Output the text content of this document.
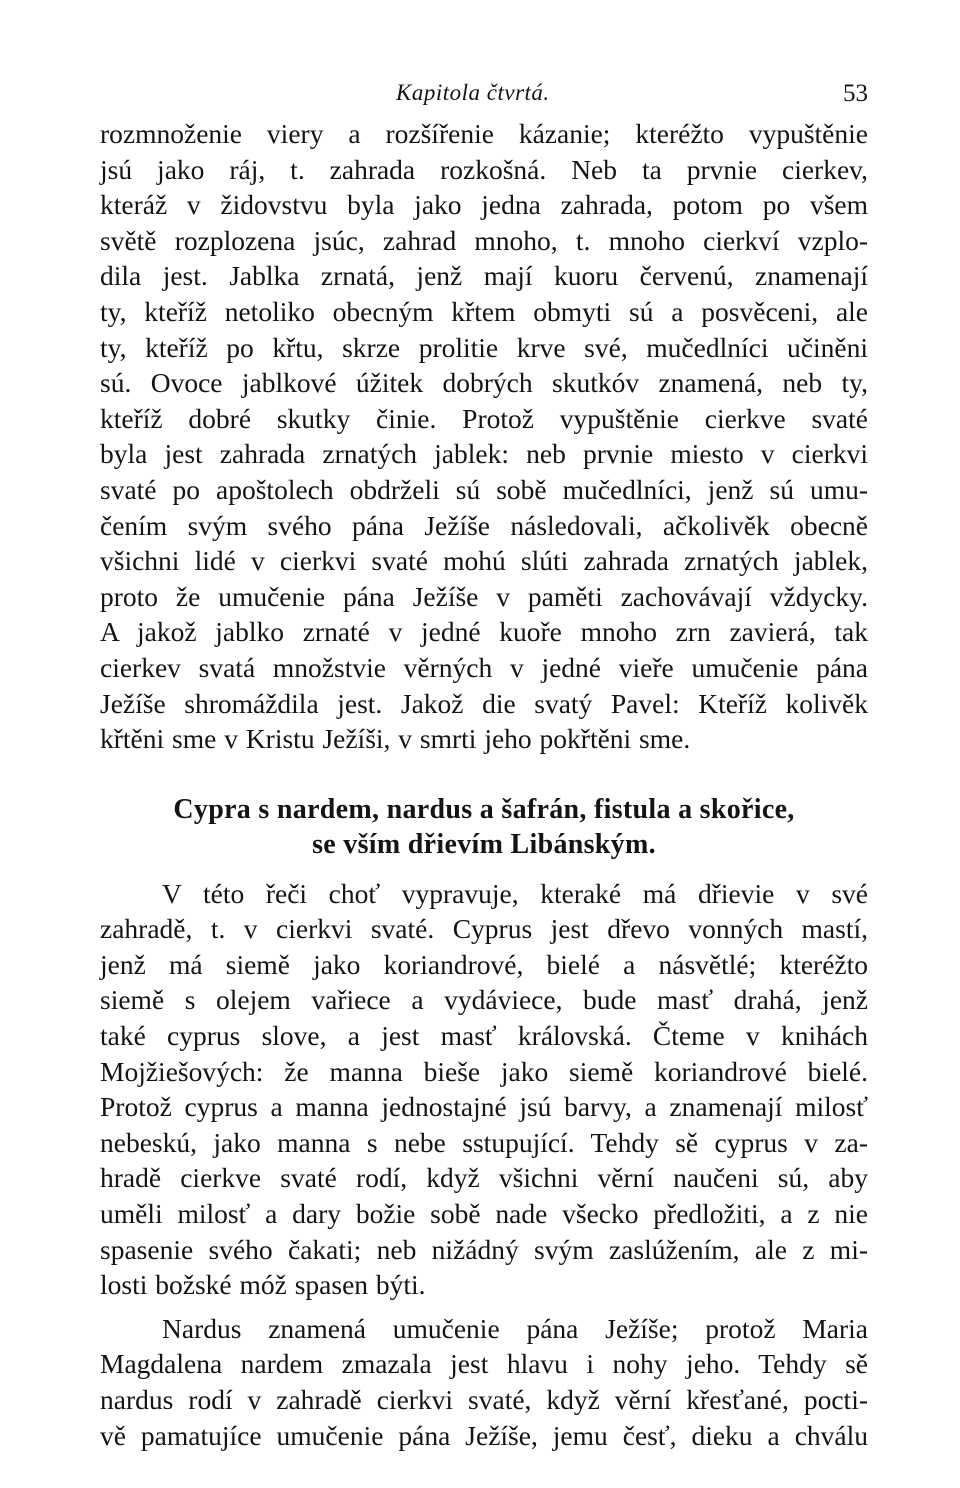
Kapitola čtvrtá.	53

rozmnoženie viery a rozšířenie kázanie; kteréžto vypuštěnie
jsú jako ráj, t. zahrada rozkošná. Neb ta prvnie cierkev,
kteráž v židovstvu byla jako jedna zahrada, potom po všem
světě rozplozena jsúc, zahrad mnoho, t. mnoho cierkví vzplo-
dila jest. Jablka zrnatá, jenž mají kuoru červenú, znamenají
ty, kteříž netoliko obecným křtem obmyti sú a posvěceni, ale
ty, kteříž po křtu, skrze prolitie krve své, mučedlníci učiněni
sú. Ovoce jablkové úžitek dobrých skutkóv znamená, neb ty,
kteříž dobré skutky činie. Protož vypuštěnie cierkve svaté
byla jest zahrada zrnatých jablek: neb prvnie miesto v cierkvi
svaté po apoštolech obdrželi sú sobě mučedlníci, jenž sú umu-
čením svým svého pána Ježíše následovali, ačkolivěk obecně
všichni lidé v cierkvi svaté mohú slúti zahrada zrnatých jablek,
proto že umučenie pána Ježíše v paměti zachovávají vždycky.
A jakož jablko zrnaté v jedné kuoře mnoho zrn zavierá, tak
cierkev svatá množstvie věrných v jedné vieře umučenie pána
Ježíše shromáždila jest. Jakož die svatý Pavel: Kteříž kolivěk
křtěni sme v Kristu Ježíši, v smrti jeho pokřtěni sme.

Cypra s nardem, nardus a šafrán, fistula a skořice,
se vším dřievím Libánským.

V této řeči choť vypravuje, kteraké má dřievie v své
zahradě, t. v cierkvi svaté. Cyprus jest dřevo vonných mastí,
jenž má siemě jako koriandrové, bielé a násvětlé; kteréžto
siemě s olejem vařiece a vydáviece, bude masť drahá, jenž
také cyprus slove, a jest masť královská. Čteme v knihách
Mojžiešových: že manna bieše jako siemě koriandrové bielé.
Protož cyprus a manna jednostajné jsú barvy, a znamenají milosť
nebeskú, jako manna s nebe sstupující. Tehdy sě cyprus v za-
hradě cierkve svaté rodí, když všichni věrní naučeni sú, aby
uměli milosť a dary božie sobě nade všecko předložiti, a z nie
spasenie svého čakati; neb nižádný svým zaslúžením, ale z mi-
losti božské móž spasen býti.

Nardus znamená umučenie pána Ježíše; protož Maria
Magdalena nardem zmazala jest hlavu i nohy jeho. Tehdy sě
nardus rodí v zahradě cierkvi svaté, když věrní křesťané, pocti-
vě pamatujíce umučenie pána Ježíše, jemu česť, dieku a chválu
